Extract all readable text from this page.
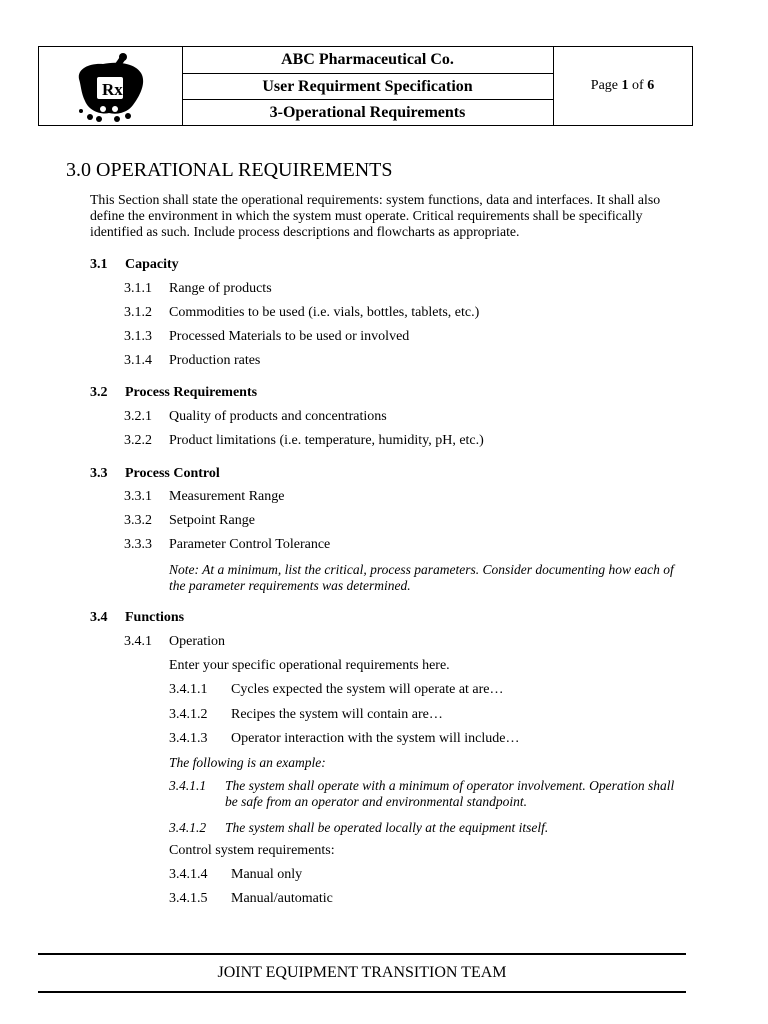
Rx
ABC Pharmaceutical Co.
User Requirment Specification
3-Operational Requirements
Page 1 of 6
3.0 OPERATIONAL REQUIREMENTS
This Section shall state the operational requirements: system functions, data and interfaces. It shall also define the environment in which the system must operate. Critical requirements shall be specifically identified as such. Include process descriptions and flowcharts as appropriate.
3.1 Capacity
3.1.1 Range of products
3.1.2 Commodities to be used (i.e. vials, bottles, tablets, etc.)
3.1.3 Processed Materials to be used or involved
3.1.4 Production rates
3.2 Process Requirements
3.2.1 Quality of products and concentrations
3.2.2 Product limitations (i.e. temperature, humidity, pH, etc.)
3.3 Process Control
3.3.1 Measurement Range
3.3.2 Setpoint Range
3.3.3 Parameter Control Tolerance
Note: At a minimum, list the critical, process parameters. Consider documenting how each of the parameter requirements was determined.
3.4 Functions
3.4.1 Operation
Enter your specific operational requirements here.
3.4.1.1 Cycles expected the system will operate at are…
3.4.1.2 Recipes the system will contain are…
3.4.1.3 Operator interaction with the system will include…
The following is an example:
3.4.1.1	The system shall operate with a minimum of operator involvement. Operation shall be safe from an operator and environmental standpoint.
3.4.1.2 The system shall be operated locally at the equipment itself.
Control system requirements:
3.4.1.4 Manual only
3.4.1.5 Manual/automatic
JOINT EQUIPMENT TRANSITION TEAM
